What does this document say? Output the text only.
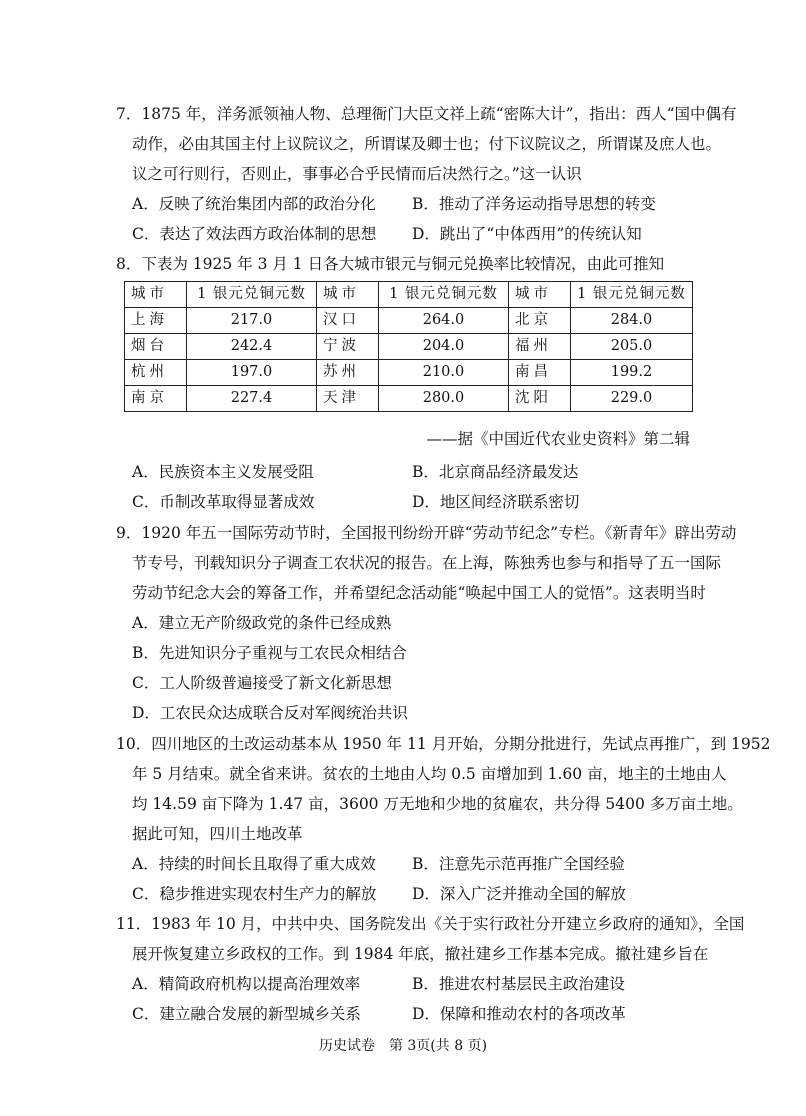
7．1875 年，洋务派领袖人物、总理衙门大臣文祥上疏“密陈大计”，指出：西人“国中偶有
动作，必由其国主付上议院议之，所谓谋及卿士也；付下议院议之，所谓谋及庶人也。
议之可行则行，否则止，事事必合乎民情而后决然行之。”这一认识
A．反映了统治集团内部的政治分化 B．推动了洋务运动指导思想的转变
C．表达了效法西方政治体制的思想 D．跳出了“中体西用”的传统认知
8．下表为 1925 年 3 月 1 日各大城市银元与铜元兑换率比较情况，由此可推知
城市	1 银元兑铜元数	城市	1 银元兑铜元数	城市	1 银元兑铜元数
上海	217.0	汉口	264.0	北京	284.0
烟台	242.4	宁波	204.0	福州	205.0
杭州	197.0	苏州	210.0	南昌	199.2
南京	227.4	天津	280.0	沈阳	229.0
——据《中国近代农业史资料》第二辑
A．民族资本主义发展受阻	B．北京商品经济最发达
C．币制改革取得显著成效	D．地区间经济联系密切
9．1920 年五一国际劳动节时，全国报刊纷纷开辟“劳动节纪念”专栏。《新青年》辟出劳动
节专号，刊载知识分子调查工农状况的报告。在上海，陈独秀也参与和指导了五一国际
劳动节纪念大会的筹备工作，并希望纪念活动能“唤起中国工人的觉悟”。这表明当时
A．建立无产阶级政党的条件已经成熟
B．先进知识分子重视与工农民众相结合
C．工人阶级普遍接受了新文化新思想
D．工农民众达成联合反对军阀统治共识
10．四川地区的土改运动基本从 1950 年 11 月开始，分期分批进行，先试点再推广，到 1952
年 5 月结束。就全省来讲。贫农的土地由人均 0.5 亩增加到 1.60 亩，地主的土地由人
均 14.59 亩下降为 1.47 亩，3600 万无地和少地的贫雇农，共分得 5400 多万亩土地。
据此可知，四川土地改革
A．持续的时间长且取得了重大成效 B．注意先示范再推广全国经验
C．稳步推进实现农村生产力的解放 D．深入广泛并推动全国的解放
11．1983 年 10 月，中共中央、国务院发出《关于实行政社分开建立乡政府的通知》，全国
展开恢复建立乡政权的工作。到 1984 年底，撤社建乡工作基本完成。撤社建乡旨在
A．精简政府机构以提高治理效率	B．推进农村基层民主政治建设
C．建立融合发展的新型城乡关系	D．保障和推动农村的各项改革
历史试卷　第 3页(共 8 页)
